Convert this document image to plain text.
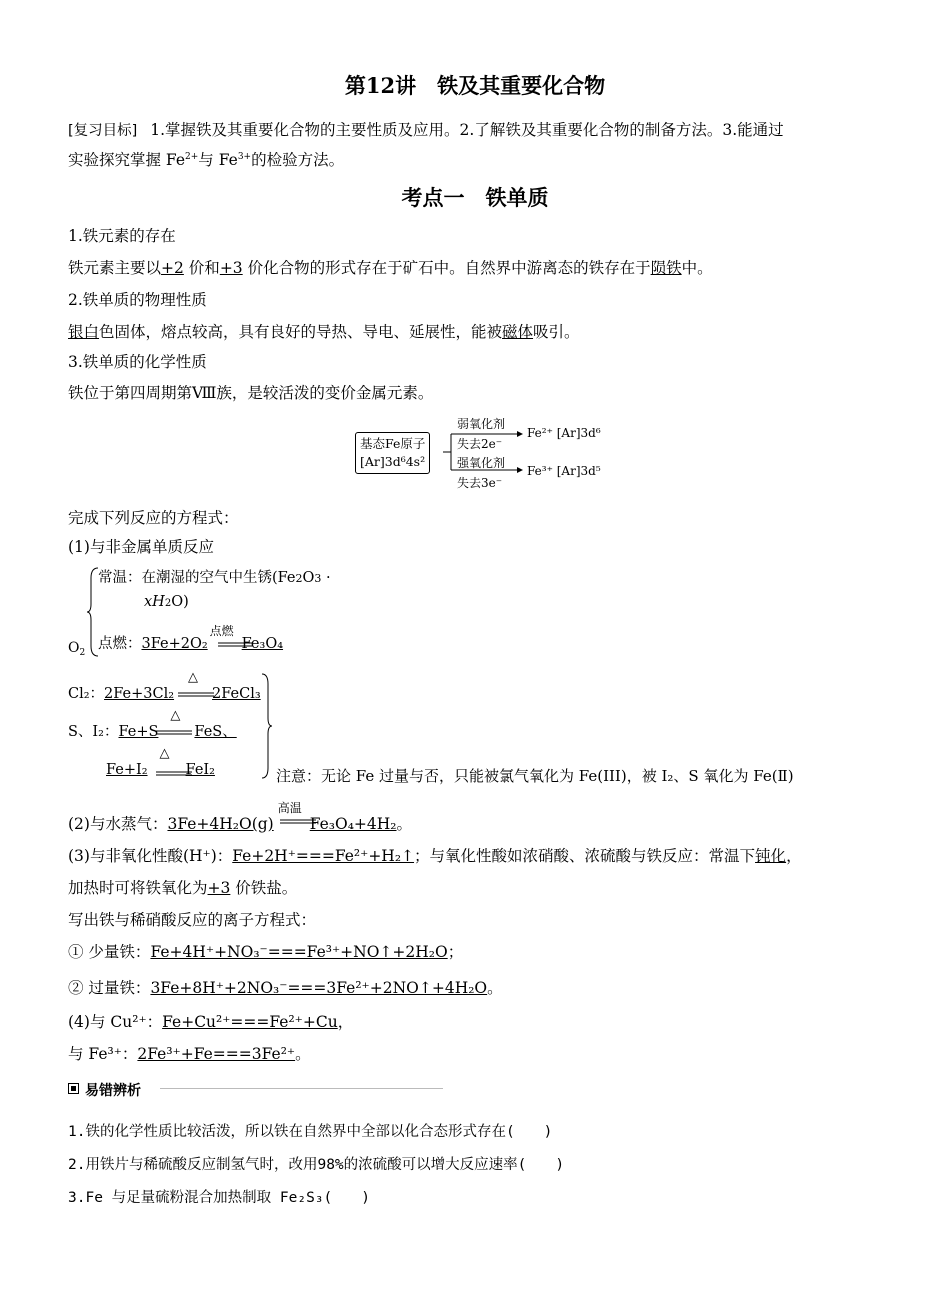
第12讲　铁及其重要化合物
[复习目标] 1.掌握铁及其重要化合物的主要性质及应用。2.了解铁及其重要化合物的制备方法。3.能通过
实验探究掌握 $Fe^{2+}$与 $Fe^{3+}$的检验方法。
考点一　铁单质
1.铁元素的存在
铁元素主要以+2 价和+3 价化合物的形式存在于矿石中。自然界中游离态的铁存在于陨铁中。
2.铁单质的物理性质
银白色固体，熔点较高，具有良好的导热、导电、延展性，能被磁体吸引。
3.铁单质的化学性质
铁位于第四周期第Ⅷ族，是较活泼的变价金属元素。
基态Fe原子
[Ar]3d⁶4s²
弱氧化剂
失去2e⁻
Fe²⁺ [Ar]3d⁶
强氧化剂
失去3e⁻
Fe³⁺ [Ar]3d⁵
完成下列反应的方程式：
(1)与非金属单质反应
$O_2$
常温：在潮湿的空气中生锈(Fe2O3 ·
xH2O)
点燃：3Fe+2O₂
点燃
Fe₃O₄
Cl₂：2Fe+3Cl₂
△
2FeCl₃
S、I₂：Fe+S
△
FeS、
Fe+I₂
△
FeI₂	注意：无论 Fe 过量与否，只能被氯气氧化为 Fe(III)，被 I₂、S 氧化为 Fe(Ⅱ)
(2)与水蒸气：3Fe+4H₂O(g)
高温
Fe₃O₄+4H₂。
(3)与非氧化性酸(H⁺)：Fe+2H⁺===Fe²⁺+H₂↑；与氧化性酸如浓硝酸、浓硫酸与铁反应：常温下钝化，
加热时可将铁氧化为+3 价铁盐。
写出铁与稀硝酸反应的离子方程式：
① 少量铁：Fe+4H⁺+NO₃⁻===Fe³⁺+NO↑+2H₂O；
② 过量铁：3Fe+8H⁺+2NO₃⁻===3Fe²⁺+2NO↑+4H₂O。
(4)与 Cu²⁺：Fe+Cu²⁺===Fe²⁺+Cu，
与 Fe³⁺：2Fe³⁺+Fe===3Fe²⁺。
易错辨析
1.铁的化学性质比较活泼，所以铁在自然界中全部以化合态形式存在(　　)
2.用铁片与稀硫酸反应制氢气时，改用98%的浓硫酸可以增大反应速率(　　)
3.Fe 与足量硫粉混合加热制取 Fe₂S₃(　　)
